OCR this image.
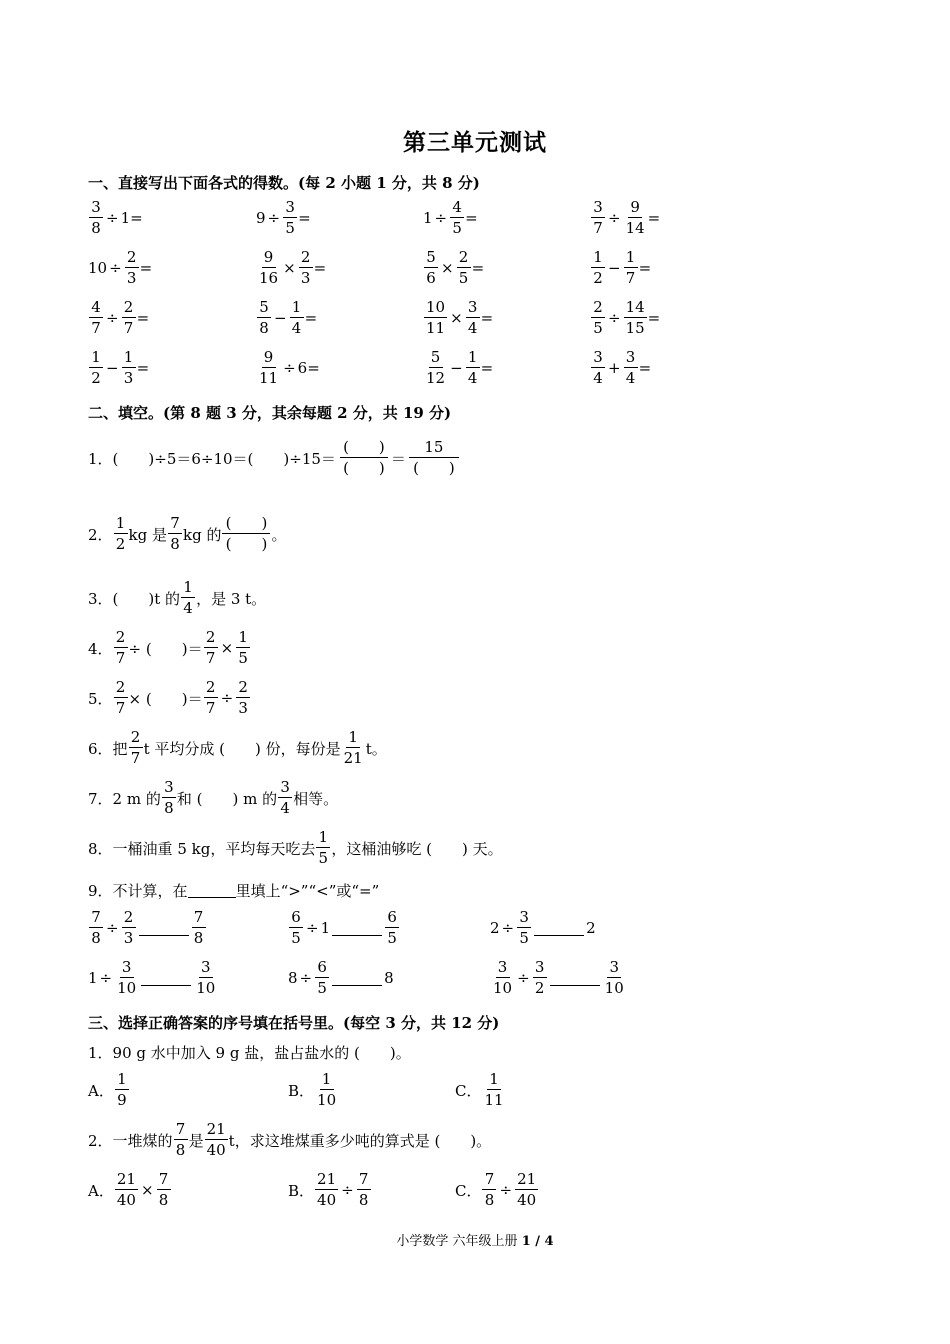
第三单元测试
一、直接写出下面各式的得数。(每 2 小题 1 分，共 8 分)
$\frac{3}{8} \div 1$ =	$9 \div \frac{3}{5}$ =	$1 \div \frac{4}{5}$ =	$\frac{3}{7} \div \frac{9}{14}$ =
$10 \div \frac{2}{3}$ =	$\frac{9}{16} \times \frac{2}{3}$ =	$\frac{5}{6} \times \frac{2}{5}$ =	$\frac{1}{2} - \frac{1}{7}$ =
$\frac{4}{7} \div \frac{2}{7}$ =	$\frac{5}{8} - \frac{1}{4}$ =	$\frac{10}{11} \times \frac{3}{4}$ =	$\frac{2}{5} \div \frac{14}{15}$ =
$\frac{1}{2} - \frac{1}{3}$ =	$\frac{9}{11} \div 6$ =	$\frac{5}{12} - \frac{1}{4}$ =	$\frac{3}{4} + \frac{3}{4}$ =
二、填空。(第 8 题 3 分，其余每题 2 分，共 19 分)
1． (　　)÷5＝6÷10＝(　　)$\div 15= \frac{( )}{( )} = \frac{15}{( )}$
2． $\frac{1}{2}$ kg 是 $\frac{7}{8}$ kg 的 $\frac{( )}{( )}$ 。
3． (　　)t 的 $\frac{1}{4}$ ，是 3 t。
4． $\frac{2}{7}$ ÷ (　　)＝ $\frac{2}{7} \times \frac{1}{5}$
5． $\frac{2}{7}$ × (　　)＝ $\frac{2}{7} \div \frac{2}{3}$
6． 把 $\frac{2}{7}$ t 平均分成 (　　) 份，每份是 $\frac{1}{21}$ t。
7． 2 m 的 $\frac{3}{8}$ 和 (　　) m 的 $\frac{3}{4}$ 相等。
8． 一桶油重 5 kg，平均每天吃去 $\frac{1}{5}$ ，这桶油够吃 (　　) 天。
9． 不计算，在	里填上“>”“<”或“=”
$\frac{7}{8} \div \frac{2}{3}$	$\frac{7}{8}$	$\frac{6}{5} \div 1$	$\frac{6}{5}$	$2 \div \frac{3}{5}$	2
$1 \div \frac{3}{10}$	$\frac{3}{10}$	$8 \div \frac{6}{5}$	8	$\frac{3}{10} \div \frac{3}{2}$	$\frac{3}{10}$
三、选择正确答案的序号填在括号里。(每空 3 分，共 12 分)
1．90 g 水中加入 9 g 盐，盐占盐水的 (　　)。
A． $\frac{1}{9}$	B． $\frac{1}{10}$	C． $\frac{1}{11}$
2． 一堆煤的 $\frac{7}{8}$ 是 $\frac{21}{40}$ t，求这堆煤重多少吨的算式是 (　　)。
A． $\frac{21}{40} \times \frac{7}{8}$	B． $\frac{21}{40} \div \frac{7}{8}$	C． $\frac{7}{8} \div \frac{21}{40}$
小学数学 六年级上册 1 / 4
